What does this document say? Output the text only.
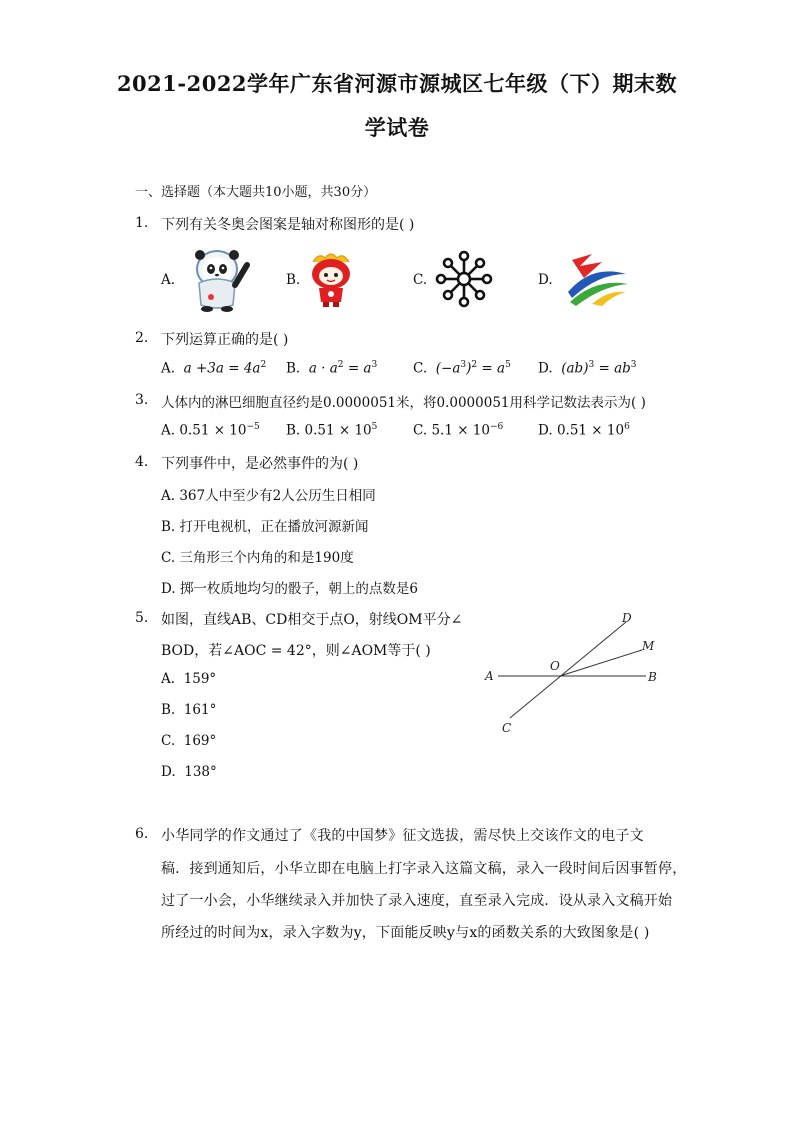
2021-2022学年广东省河源市源城区七年级（下）期末数
学试卷
一、选择题（本大题共10小题，共30分）
1. 下列有关冬奥会图案是轴对称图形的是( )
A.	B.	C.	D.
2. 下列运算正确的是( )
A. $a +3a = 4a^2$ B. $a \cdot a^2 = a^3$	C. $(-a^3)^2 = a^5$ D. $(ab)^3 = ab^3$
3. 人体内的淋巴细胞直径约是0.0000051米，将0.0000051用科学记数法表示为( )
A. $0.51 \times 10^{-5}$ B. $0.51 \times 10^5$	C. $5.1 \times 10^{-6}$	D. $0.51 \times 10^6$
4. 下列事件中，是必然事件的为( )
A. 367人中至少有2人公历生日相同
B. 打开电视机，正在播放河源新闻
C. 三角形三个内角的和是190度
D. 掷一枚质地均匀的骰子，朝上的点数是6
5. 如图，直线AB、CD相交于点O，射线OM平分∠
BOD，若∠AOC = 42°，则∠AOM等于( )
A. 159°
B. 161°
C. 169°
D. 138°
D
M
O
A	B
C
6. 小华同学的作文通过了《我的中国梦》征文选拔，需尽快上交该作文的电子文
稿．接到通知后，小华立即在电脑上打字录入这篇文稿，录入一段时间后因事暂停，
过了一小会，小华继续录入并加快了录入速度，直至录入完成．设从录入文稿开始
所经过的时间为x，录入字数为y，下面能反映y与x的函数关系的大致图象是( )
